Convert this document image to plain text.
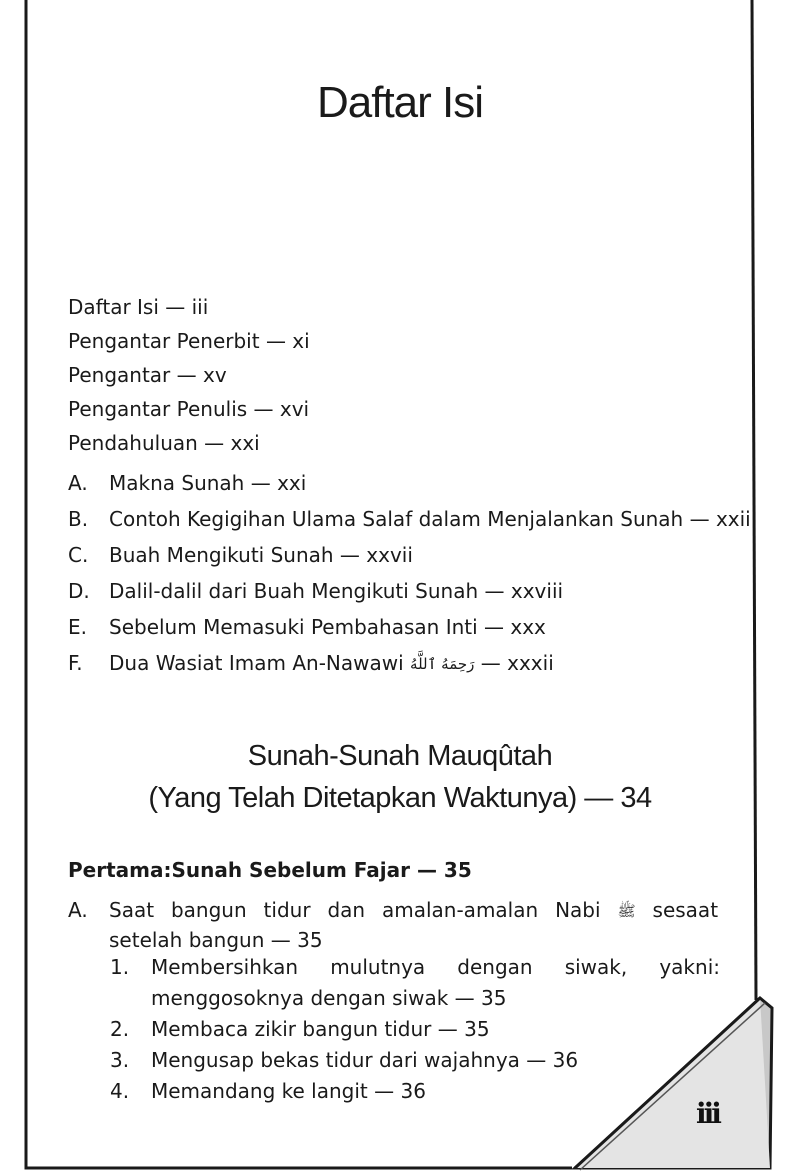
Daftar Isi
Daftar Isi — iii
Pengantar Penerbit — xi
Pengantar — xv
Pengantar Penulis — xvi
Pendahuluan — xxi
A. Makna Sunah — xxi
B. Contoh Kegigihan Ulama Salaf dalam Menjalankan Sunah — xxii
C. Buah Mengikuti Sunah — xxvii
D. Dalil-dalil dari Buah Mengikuti Sunah — xxviii
E. Sebelum Memasuki Pembahasan Inti — xxx
F. Dua Wasiat Imam An-Nawawi رَحِمَهُ ٱللَّهُ — xxxii
Sunah-Sunah Mauqûtah
(Yang Telah Ditetapkan Waktunya) — 34
Pertama:Sunah Sebelum Fajar — 35
A. Saat bangun tidur dan amalan-amalan Nabi ﷺ sesaat setelah bangun — 35
1. Membersihkan mulutnya dengan siwak, yakni: menggosoknya dengan siwak — 35
2. Membaca zikir bangun tidur — 35
3. Mengusap bekas tidur dari wajahnya — 36
4. Memandang ke langit — 36
iii
